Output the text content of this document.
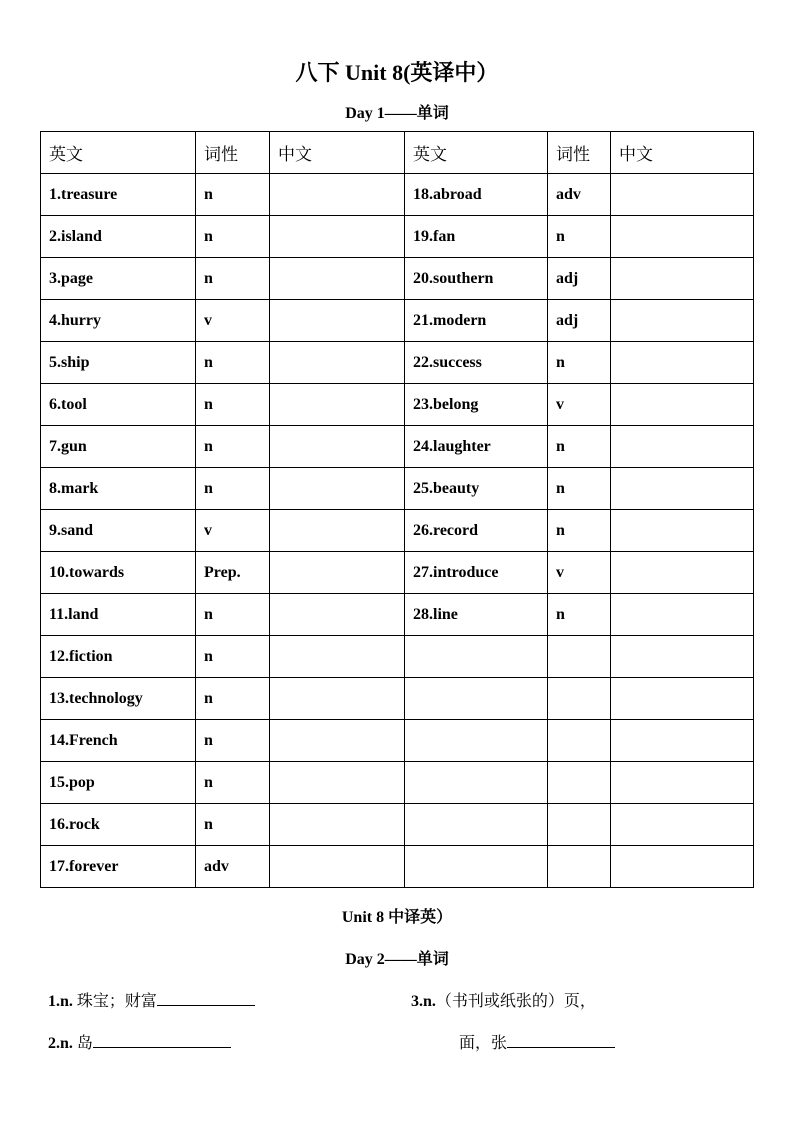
八下 Unit 8(英译中）
Day 1——单词
英文	词性	中文	英文	词性	中文
1.treasure	n		18.abroad	adv	
2.island	n		19.fan	n	
3.page	n		20.southern	adj	
4.hurry	v		21.modern	adj	
5.ship	n		22.success	n	
6.tool	n		23.belong	v	
7.gun	n		24.laughter	n	
8.mark	n		25.beauty	n	
9.sand	v		26.record	n	
10.towards	Prep.		27.introduce	v	
11.land	n		28.line	n	
12.fiction	n				
13.technology	n				
14.French	n				
15.pop	n				
16.rock	n				
17.forever	adv				
Unit 8 中译英）
Day 2——单词
1.n. 珠宝；财富
2.n. 岛
3.n.（书刊或纸张的）页，
面，张
